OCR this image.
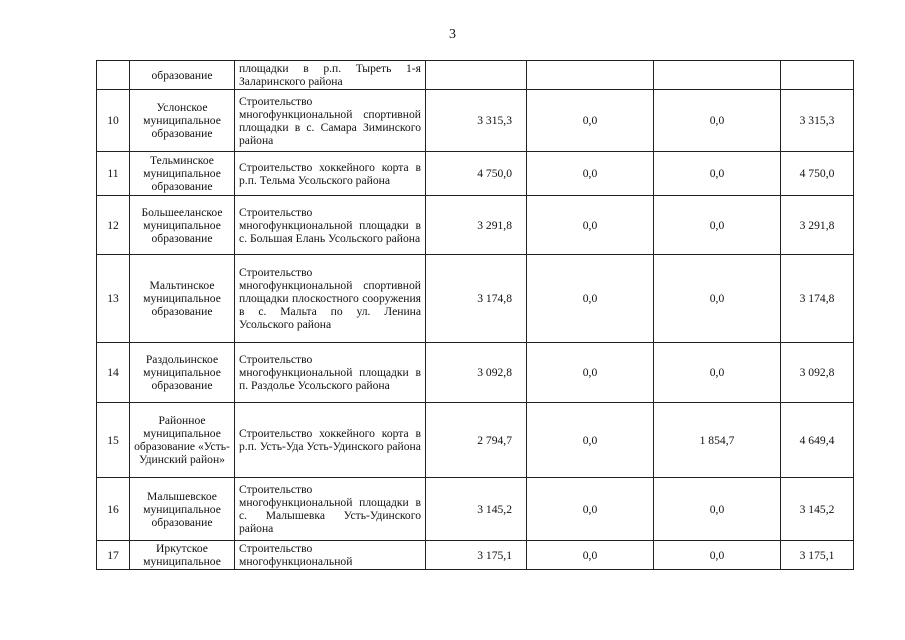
3
	образование	площадки в р.п. Тыреть 1-я Заларинского района				
10	Услонское муниципальное образование	Строительство многофункциональной спортивной площадки в с. Самара Зиминского района	3 315,3	0,0	0,0	3 315,3
11	Тельминское муниципальное образование	Строительство хоккейного корта в р.п. Тельма Усольского района	4 750,0	0,0	0,0	4 750,0
12	Большееланское муниципальное образование	Строительство многофункциональной площадки в с. Большая Елань Усольского района	3 291,8	0,0	0,0	3 291,8
13	Мальтинское муниципальное образование	Строительство многофункциональной спортивной площадки плоскостного сооружения в с. Мальта по ул. Ленина Усольского района	3 174,8	0,0	0,0	3 174,8
14	Раздольинское муниципальное образование	Строительство многофункциональной площадки в п. Раздолье Усольского района	3 092,8	0,0	0,0	3 092,8
15	Районное муниципальное образование «Усть-Удинский район»	Строительство хоккейного корта в р.п. Усть-Уда Усть-Удинского района	2 794,7	0,0	1 854,7	4 649,4
16	Малышевское муниципальное образование	Строительство многофункциональной площадки в с. Малышевка Усть-Удинского района	3 145,2	0,0	0,0	3 145,2
17	Иркутское муниципальное	Строительство многофункциональной	3 175,1	0,0	0,0	3 175,1
